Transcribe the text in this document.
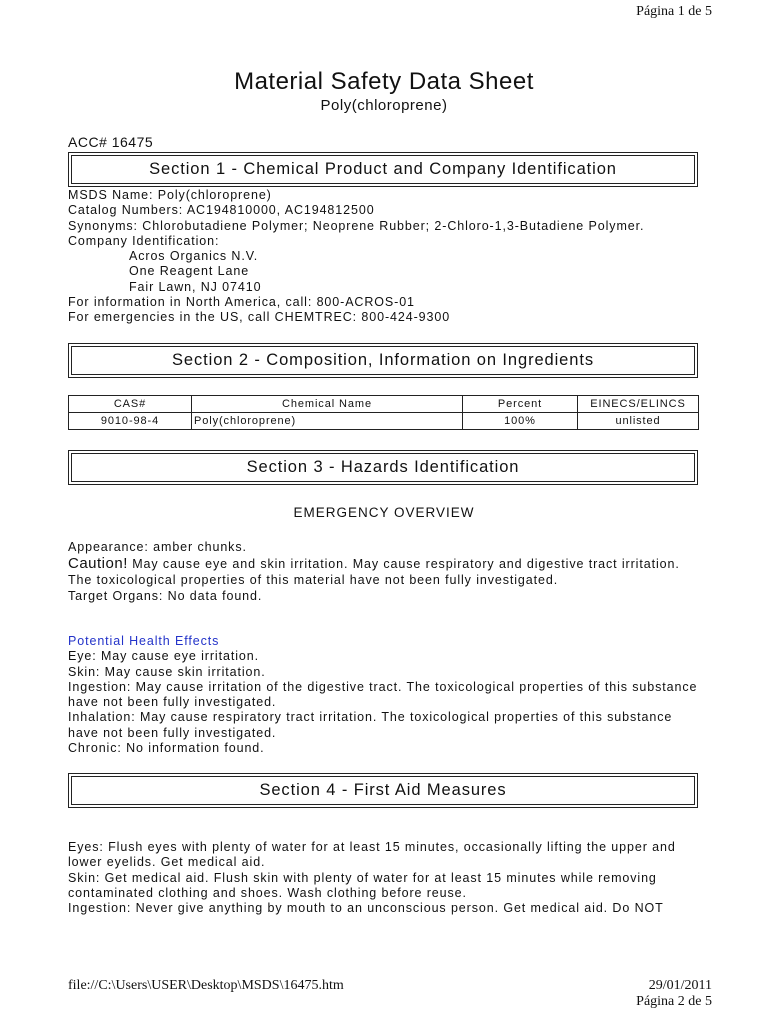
Página 1 de 5
Material Safety Data Sheet
Poly(chloroprene)
ACC# 16475
Section 1 - Chemical Product and Company Identification
MSDS Name: Poly(chloroprene)
Catalog Numbers: AC194810000, AC194812500
Synonyms: Chlorobutadiene Polymer; Neoprene Rubber; 2-Chloro-1,3-Butadiene Polymer.
Company Identification:
Acros Organics N.V.
One Reagent Lane
Fair Lawn, NJ 07410
For information in North America, call: 800-ACROS-01
For emergencies in the US, call CHEMTREC: 800-424-9300
Section 2 - Composition, Information on Ingredients
CAS#	Chemical Name	Percent	EINECS/ELINCS
9010-98-4	Poly(chloroprene)	100%	unlisted
Section 3 - Hazards Identification
EMERGENCY OVERVIEW
Appearance: amber chunks.
Caution! May cause eye and skin irritation. May cause respiratory and digestive tract irritation.
The toxicological properties of this material have not been fully investigated.
Target Organs: No data found.
Potential Health Effects
Eye: May cause eye irritation.
Skin: May cause skin irritation.
Ingestion: May cause irritation of the digestive tract. The toxicological properties of this substance
have not been fully investigated.
Inhalation: May cause respiratory tract irritation. The toxicological properties of this substance
have not been fully investigated.
Chronic: No information found.
Section 4 - First Aid Measures
Eyes: Flush eyes with plenty of water for at least 15 minutes, occasionally lifting the upper and
lower eyelids. Get medical aid.
Skin: Get medical aid. Flush skin with plenty of water for at least 15 minutes while removing
contaminated clothing and shoes. Wash clothing before reuse.
Ingestion: Never give anything by mouth to an unconscious person. Get medical aid. Do NOT
file://C:\Users\USER\Desktop\MSDS\16475.htm	29/01/2011
Página 2 de 5
